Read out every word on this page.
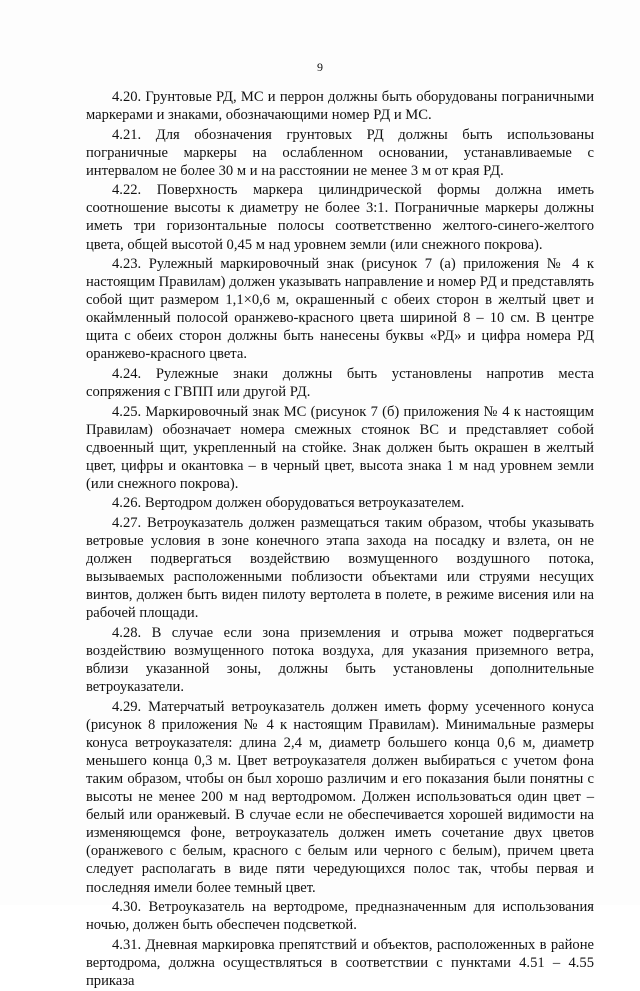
9

4.20. Грунтовые РД, МС и перрон должны быть оборудованы пограничными маркерами и знаками, обозначающими номер РД и МС.

4.21. Для обозначения грунтовых РД должны быть использованы пограничные маркеры на ослабленном основании, устанавливаемые с интервалом не более 30 м и на расстоянии не менее 3 м от края РД.

4.22. Поверхность маркера цилиндрической формы должна иметь соотношение высоты к диаметру не более 3:1. Пограничные маркеры должны иметь три горизонтальные полосы соответственно желтого-синего-желтого цвета, общей высотой 0,45 м над уровнем земли (или снежного покрова).

4.23. Рулежный маркировочный знак (рисунок 7 (а) приложения № 4 к настоящим Правилам) должен указывать направление и номер РД и представлять собой щит размером 1,1×0,6 м, окрашенный с обеих сторон в желтый цвет и окаймленный полосой оранжево-красного цвета шириной 8 – 10 см. В центре щита с обеих сторон должны быть нанесены буквы «РД» и цифра номера РД оранжево-красного цвета.

4.24. Рулежные знаки должны быть установлены напротив места сопряжения с ГВПП или другой РД.

4.25. Маркировочный знак МС (рисунок 7 (б) приложения № 4 к настоящим Правилам) обозначает номера смежных стоянок ВС и представляет собой сдвоенный щит, укрепленный на стойке. Знак должен быть окрашен в желтый цвет, цифры и окантовка – в черный цвет, высота знака 1 м над уровнем земли (или снежного покрова).

4.26. Вертодром должен оборудоваться ветроуказателем.

4.27. Ветроуказатель должен размещаться таким образом, чтобы указывать ветровые условия в зоне конечного этапа захода на посадку и взлета, он не должен подвергаться воздействию возмущенного воздушного потока, вызываемых расположенными поблизости объектами или струями несущих винтов, должен быть виден пилоту вертолета в полете, в режиме висения или на рабочей площади.

4.28. В случае если зона приземления и отрыва может подвергаться воздействию возмущенного потока воздуха, для указания приземного ветра, вблизи указанной зоны, должны быть установлены дополнительные ветроуказатели.

4.29. Матерчатый ветроуказатель должен иметь форму усеченного конуса (рисунок 8 приложения № 4 к настоящим Правилам). Минимальные размеры конуса ветроуказателя: длина 2,4 м, диаметр большего конца 0,6 м, диаметр меньшего конца 0,3 м. Цвет ветроуказателя должен выбираться с учетом фона таким образом, чтобы он был хорошо различим и его показания были понятны с высоты не менее 200 м над вертодромом. Должен использоваться один цвет – белый или оранжевый. В случае если не обеспечивается хорошей видимости на изменяющемся фоне, ветроуказатель должен иметь сочетание двух цветов (оранжевого с белым, красного с белым или черного с белым), причем цвета следует располагать в виде пяти чередующихся полос так, чтобы первая и последняя имели более темный цвет.

4.30. Ветроуказатель на вертодроме, предназначенным для использования ночью, должен быть обеспечен подсветкой.

4.31. Дневная маркировка препятствий и объектов, расположенных в районе вертодрома, должна осуществляться в соответствии с пунктами 4.51 – 4.55 приказа
